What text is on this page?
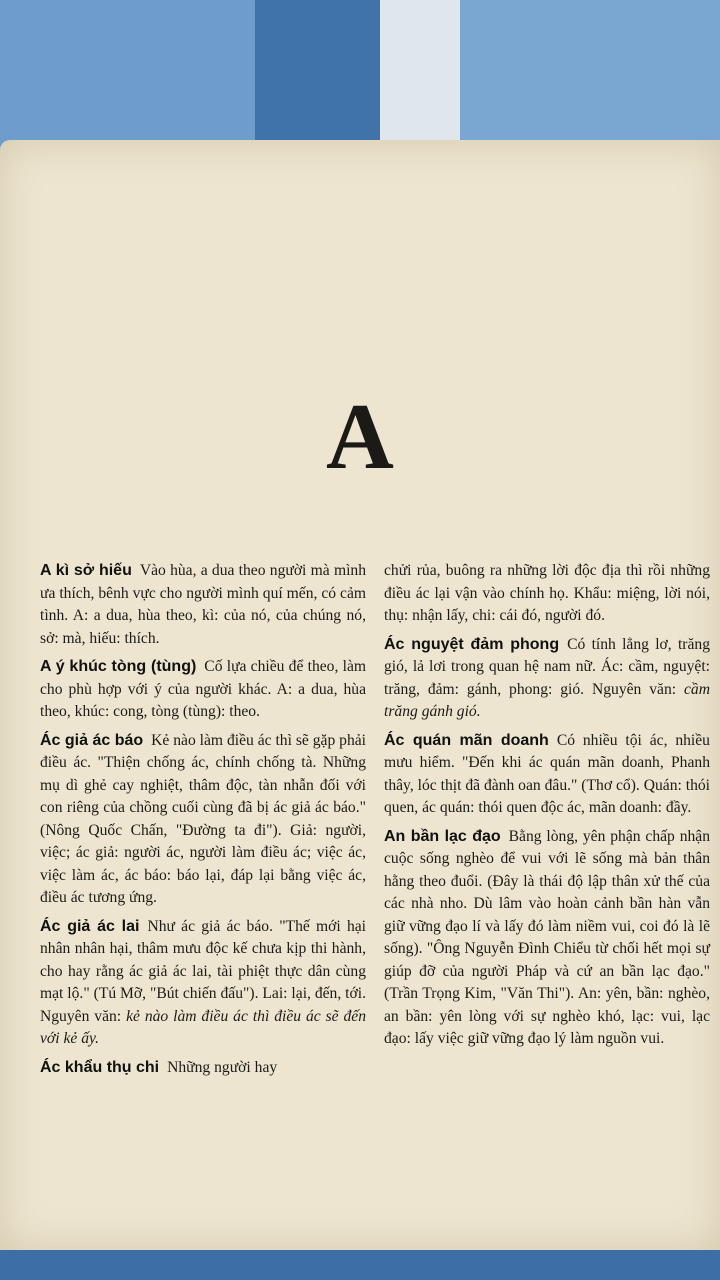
A
A kì sở hiếu Vào hùa, a dua theo người mà mình ưa thích, bênh vực cho người mình quí mến, có cảm tình. A: a dua, hùa theo, kì: của nó, của chúng nó, sở: mà, hiếu: thích.
A ý khúc tòng (tùng) Cố lựa chiều để theo, làm cho phù hợp với ý của người khác. A: a dua, hùa theo, khúc: cong, tòng (tùng): theo.
Ác giả ác báo Kẻ nào làm điều ác thì sẽ gặp phải điều ác. "Thiện chống ác, chính chống tà. Những mụ dì ghẻ cay nghiệt, thâm độc, tàn nhẫn đối với con riêng của chồng cuối cùng đã bị ác giả ác báo." (Nông Quốc Chấn, "Đường ta đi"). Giả: người, việc; ác giả: người ác, người làm điều ác; việc ác, việc làm ác, ác báo: báo lại, đáp lại bằng việc ác, điều ác tương ứng.
Ác giả ác lai Như ác giả ác báo. "Thế mới hại nhân nhân hại, thâm mưu độc kế chưa kịp thi hành, cho hay rằng ác giả ác lai, tài phiệt thực dân cùng mạt lộ." (Tú Mỡ, "Bút chiến đấu"). Lai: lại, đến, tới. Nguyên văn: kẻ nào làm điều ác thì điều ác sẽ đến với kẻ ấy.
Ác khẩu thụ chi Những người hay
chửi rủa, buông ra những lời độc địa thì rồi những điều ác lại vận vào chính họ. Khẩu: miệng, lời nói, thụ: nhận lấy, chi: cái đó, người đó.
Ác nguyệt đảm phong Có tính lẳng lơ, trăng gió, lả lơi trong quan hệ nam nữ. Ác: cầm, nguyệt: trăng, đảm: gánh, phong: gió. Nguyên văn: cầm trăng gánh gió.
Ác quán mãn doanh Có nhiều tội ác, nhiều mưu hiểm. "Đến khi ác quán mãn doanh, Phanh thây, lóc thịt đã đành oan đâu." (Thơ cổ). Quán: thói quen, ác quán: thói quen độc ác, mãn doanh: đầy.
An bần lạc đạo Bằng lòng, yên phận chấp nhận cuộc sống nghèo để vui với lẽ sống mà bản thân hằng theo đuổi. (Đây là thái độ lập thân xử thế của các nhà nho. Dù lâm vào hoàn cảnh bần hàn vẫn giữ vững đạo lí và lấy đó làm niềm vui, coi đó là lẽ sống). "Ông Nguyễn Đình Chiểu từ chối hết mọi sự giúp đỡ của người Pháp và cứ an bần lạc đạo." (Trần Trọng Kim, "Văn Thi"). An: yên, bần: nghèo, an bần: yên lòng với sự nghèo khó, lạc: vui, lạc đạo: lấy việc giữ vững đạo lý làm nguồn vui.
